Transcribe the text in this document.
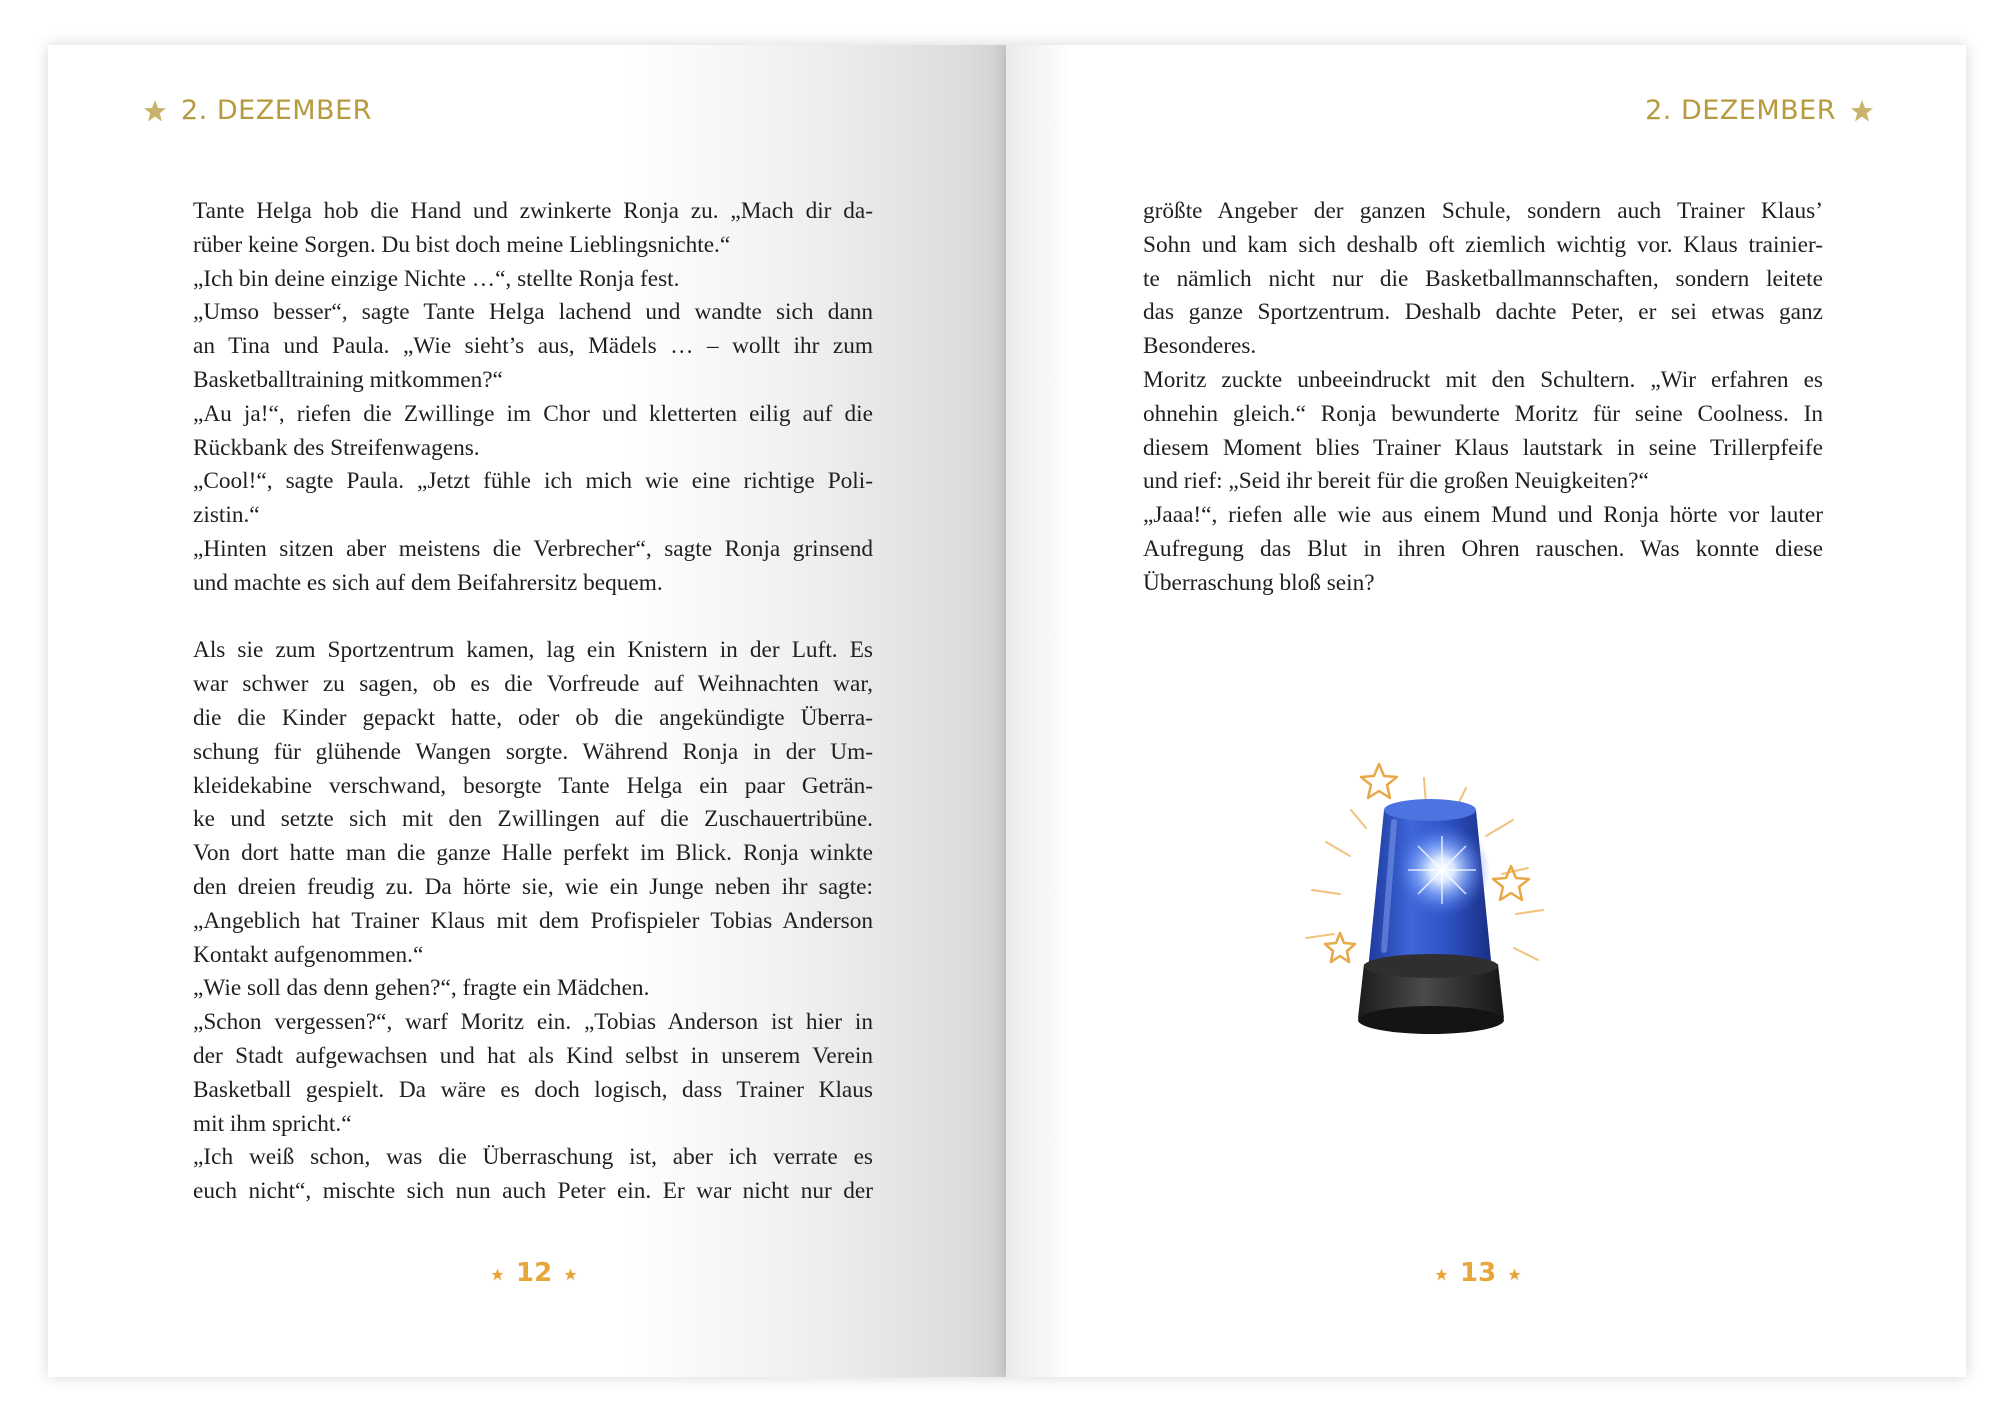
2. DEZEMBER
Tante Helga hob die Hand und zwinkerte Ronja zu. „Mach dir da-
rüber keine Sorgen. Du bist doch meine Lieblingsnichte.“
„Ich bin deine einzige Nichte …“, stellte Ronja fest.
„Umso besser“, sagte Tante Helga lachend und wandte sich dann
an Tina und Paula. „Wie sieht’s aus, Mädels … – wollt ihr zum
Basketballtraining mitkommen?“
„Au ja!“, riefen die Zwillinge im Chor und kletterten eilig auf die
Rückbank des Streifenwagens.
„Cool!“, sagte Paula. „Jetzt fühle ich mich wie eine richtige Poli-
zistin.“
„Hinten sitzen aber meistens die Verbrecher“, sagte Ronja grinsend
und machte es sich auf dem Beifahrersitz bequem.
Als sie zum Sportzentrum kamen, lag ein Knistern in der Luft. Es
war schwer zu sagen, ob es die Vorfreude auf Weihnachten war,
die die Kinder gepackt hatte, oder ob die angekündigte Überra-
schung für glühende Wangen sorgte. Während Ronja in der Um-
kleidekabine verschwand, besorgte Tante Helga ein paar Geträn-
ke und setzte sich mit den Zwillingen auf die Zuschauertribüne.
Von dort hatte man die ganze Halle perfekt im Blick. Ronja winkte
den dreien freudig zu. Da hörte sie, wie ein Junge neben ihr sagte:
„Angeblich hat Trainer Klaus mit dem Profispieler Tobias Anderson
Kontakt aufgenommen.“
„Wie soll das denn gehen?“, fragte ein Mädchen.
„Schon vergessen?“, warf Moritz ein. „Tobias Anderson ist hier in
der Stadt aufgewachsen und hat als Kind selbst in unserem Verein
Basketball gespielt. Da wäre es doch logisch, dass Trainer Klaus
mit ihm spricht.“
„Ich weiß schon, was die Überraschung ist, aber ich verrate es
euch nicht“, mischte sich nun auch Peter ein. Er war nicht nur der
12
2. DEZEMBER
größte Angeber der ganzen Schule, sondern auch Trainer Klaus’
Sohn und kam sich deshalb oft ziemlich wichtig vor. Klaus trainier-
te nämlich nicht nur die Basketballmannschaften, sondern leitete
das ganze Sportzentrum. Deshalb dachte Peter, er sei etwas ganz
Besonderes.
Moritz zuckte unbeeindruckt mit den Schultern. „Wir erfahren es
ohnehin gleich.“ Ronja bewunderte Moritz für seine Coolness. In
diesem Moment blies Trainer Klaus lautstark in seine Trillerpfeife
und rief: „Seid ihr bereit für die großen Neuigkeiten?“
„Jaaa!“, riefen alle wie aus einem Mund und Ronja hörte vor lauter
Aufregung das Blut in ihren Ohren rauschen. Was konnte diese
Überraschung bloß sein?
13
